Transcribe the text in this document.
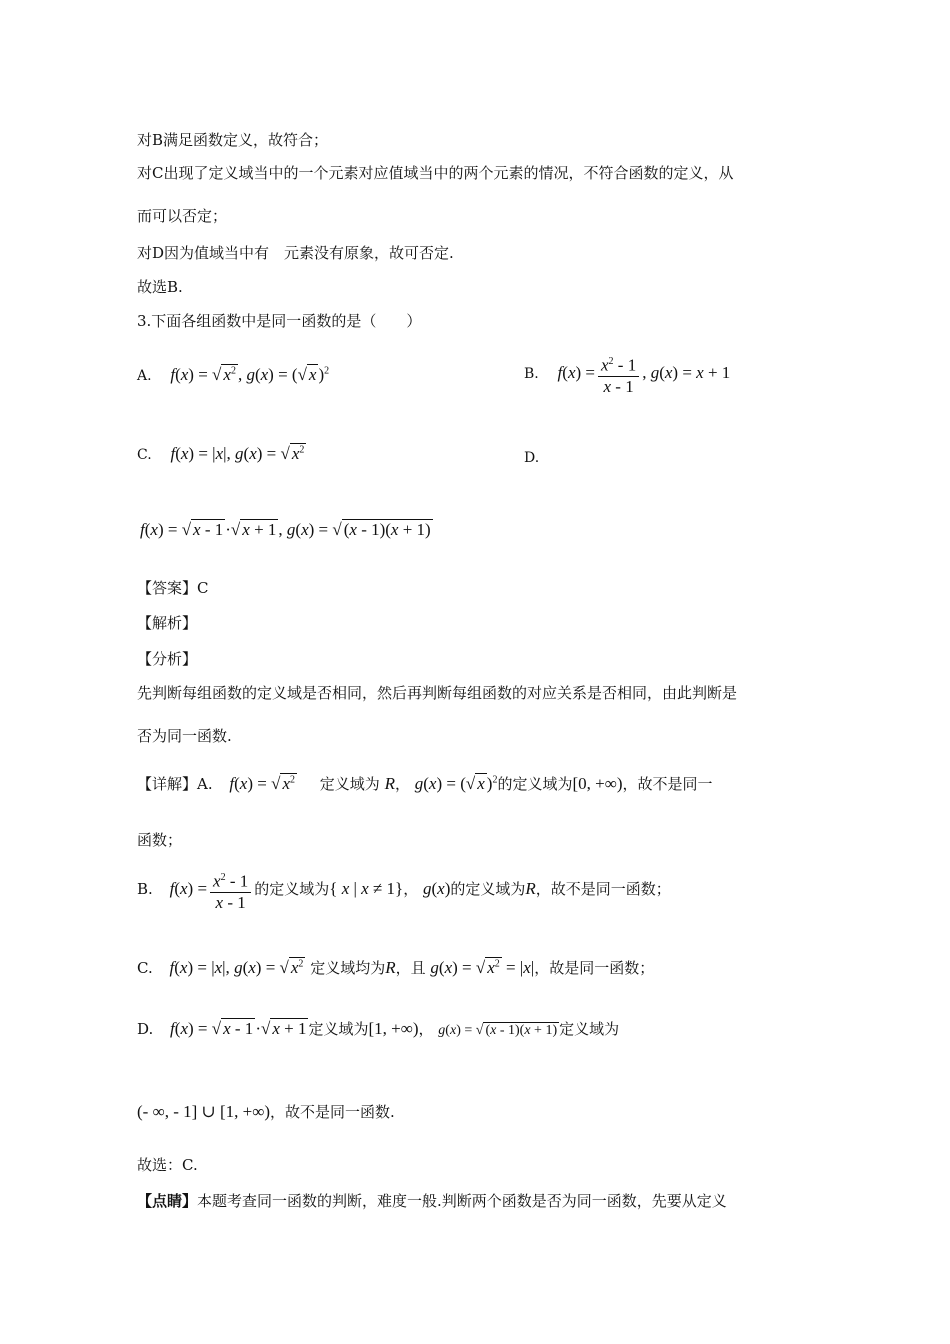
对B满足函数定义，故符合；
对C出现了定义域当中的一个元素对应值域当中的两个元素的情况，不符合函数的定义，从
而可以否定；
对D因为值域当中有　元素没有原象，故可否定.
故选B.
3.下面各组函数中是同一函数的是（　　）
A. f(x) = √ $x^2$ , g(x) = (√ x )$^2$	B. $f(x) = \frac{x^2 - 1}{x - 1}$ , g(x) = x + 1
C. f(x) = |x|, g(x) = √ $x^2$
D.
f(x) = √ x - 1 ·√ x + 1 , g(x) = √ (x - 1)(x + 1)
【答案】C
【解析】
【分析】
先判断每组函数的定义域是否相同，然后再判断每组函数的对应关系是否相同，由此判断是
否为同一函数.
【详解】A. f(x) = √ $x^2$ 定义域为 R， g(x) = (√ x )$^2$的定义域为[0, +∞)，故不是同一
函数；
B. $f(x) = \frac{x^2 - 1}{x - 1}$ 的定义域为{ x | x ≠ 1}， g(x)的定义域为R，故不是同一函数；
C. f(x) = |x|, g(x) = √ $x^2$ 定义域均为R，且 g(x) = √ $x^2 = |x|$，故是同一函数；
D. f(x) = √ x - 1 ·√ x + 1 定义域为[1, +∞)， g(x) = √ (x - 1)(x + 1) 定义域为
(- ∞, - 1] ∪ [1, +∞)，故不是同一函数.
故选：C.
【点睛】本题考查同一函数的判断，难度一般.判断两个函数是否为同一函数，先要从定义
